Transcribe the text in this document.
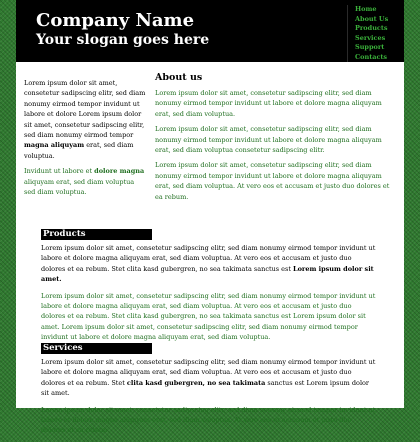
Company Name
Your slogan goes here
Home
About Us
Products
Services
Support
Contacts

Lorem ipsum dolor sit amet, consetetur sadipscing elitr, sed diam nonumy eirmod tempor invidunt ut labore et dolore Lorem ipsum dolor sit amet, consetetur sadipscing elitr, sed diam nonumy eirmod tempor magna aliquyam erat, sed diam voluptua.

Invidunt ut labore et dolore magna aliquyam erat, sed diam voluptua sed diam voluptua.

About us

Lorem ipsum dolor sit amet, consetetur sadipscing elitr, sed diam nonumy eirmod tempor invidunt ut labore et dolore magna aliquyam erat, sed diam voluptua.

Lorem ipsum dolor sit amet, consetetur sadipscing elitr, sed diam nonumy eirmod tempor invidunt ut labore et dolore magna aliquyam erat, sed diam voluptua consetetur sadipscing elitr.

Lorem ipsum dolor sit amet, consetetur sadipscing elitr, sed diam nonumy eirmod tempor invidunt ut labore et dolore magna aliquyam erat, sed diam voluptua. At vero eos et accusam et justo duo dolores et ea rebum.

Products

Lorem ipsum dolor sit amet, consetetur sadipscing elitr, sed diam nonumy eirmod tempor invidunt ut labore et dolore magna aliquyam erat, sed diam voluptua. At vero eos et accusam et justo duo dolores et ea rebum. Stet clita kasd gubergren, no sea takimata sanctus est Lorem ipsum dolor sit amet.

Lorem ipsum dolor sit amet, consetetur sadipscing elitr, sed diam nonumy eirmod tempor invidunt ut labore et dolore magna aliquyam erat, sed diam voluptua. At vero eos et accusam et justo duo dolores et ea rebum. Stet clita kasd gubergren, no sea takimata sanctus est Lorem ipsum dolor sit amet. Lorem ipsum dolor sit amet, consetetur sadipscing elitr, sed diam nonumy eirmod tempor invidunt ut labore et dolore magna aliquyam erat, sed diam voluptua.

Services

Lorem ipsum dolor sit amet, consetetur sadipscing elitr, sed diam nonumy eirmod tempor invidunt ut labore et dolore magna aliquyam erat, sed diam voluptua. At vero eos et accusam et justo duo dolores et ea rebum. Stet clita kasd gubergren, no sea takimata sanctus est Lorem ipsum dolor sit amet.

Lorem ipsum dolor sit amet, consetetur sadipscing elitr, sed diam nonumy eirmod tempor invidunt ut labore et dolore magna aliquyam erat, sed diam voluptua. At vero eos et accusam et justo duo dolores et ea rebum.
